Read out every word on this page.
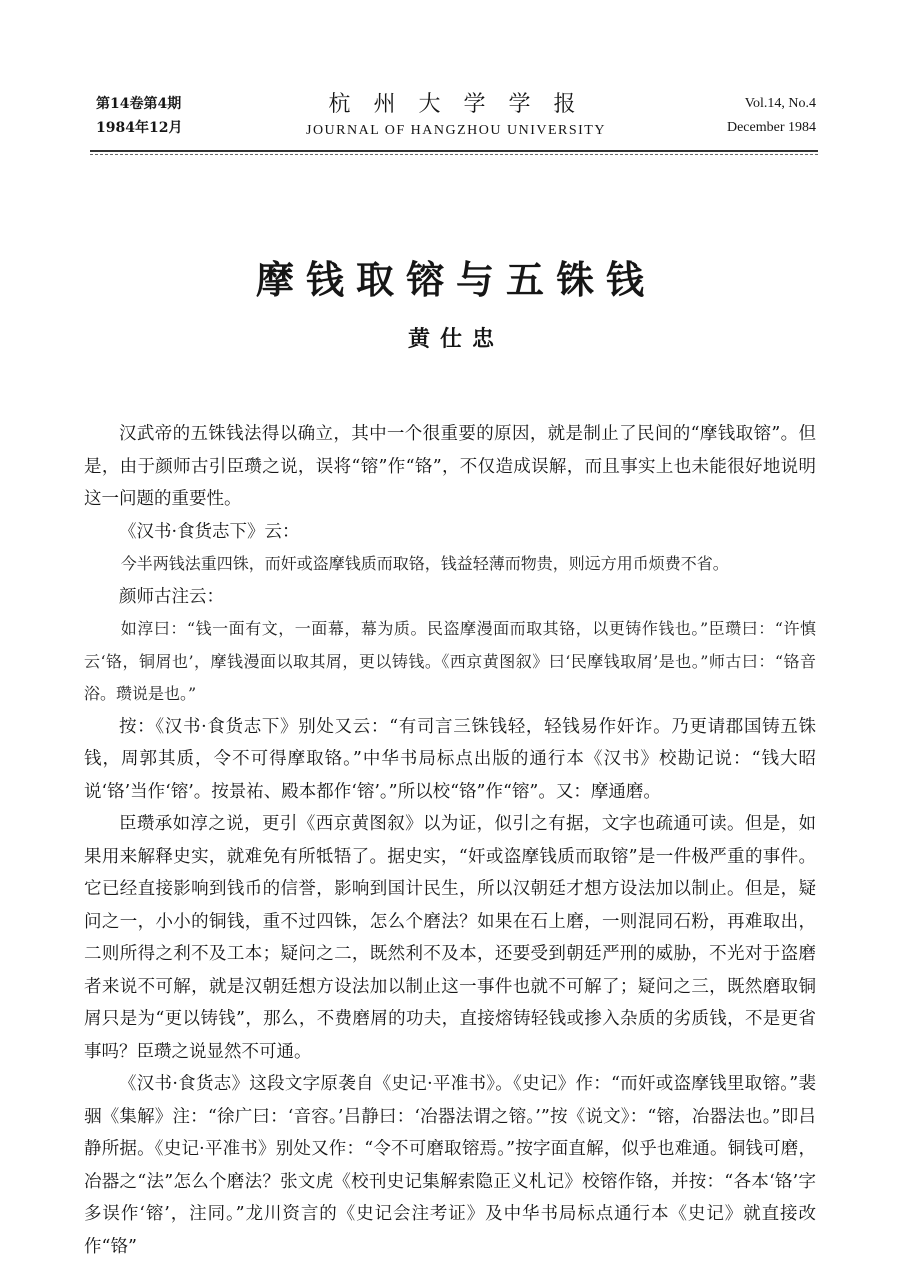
第14卷第4期
1984年12月
杭 州 大 学 学 报
JOURNAL OF HANGZHOU UNIVERSITY
Vol.14, No.4
December 1984
摩钱取镕与五铢钱
黄仕忠

汉武帝的五铢钱法得以确立，其中一个很重要的原因，就是制止了民间的“摩钱取镕”。但是，由于颜师古引臣瓒之说，误将“镕”作“铬”，不仅造成误解，而且事实上也未能很好地说明这一问题的重要性。

《汉书·食货志下》云：

今半两钱法重四铢，而奸或盗摩钱质而取铬，钱益轻薄而物贵，则远方用币烦费不省。

颜师古注云：

如淳曰：“钱一面有文，一面幕，幕为质。民盗摩漫面而取其铬，以更铸作钱也。”臣瓒曰：“许慎云‘铬，铜屑也’，摩钱漫面以取其屑，更以铸钱。《西京黄图叙》曰‘民摩钱取屑’是也。”师古曰：“铬音浴。瓒说是也。”

按：《汉书·食货志下》别处又云：“有司言三铢钱轻，轻钱易作奸诈。乃更请郡国铸五铢钱，周郭其质，令不可得摩取铬。”中华书局标点出版的通行本《汉书》校勘记说：“钱大昭说‘铬’当作‘镕’。按景祐、殿本都作‘镕’。”所以校“铬”作“镕”。又：摩通磨。

臣瓒承如淳之说，更引《西京黄图叙》以为证，似引之有据，文字也疏通可读。但是，如果用来解释史实，就难免有所牴牾了。据史实，“奸或盗摩钱质而取镕”是一件极严重的事件。它已经直接影响到钱币的信誉，影响到国计民生，所以汉朝廷才想方设法加以制止。但是，疑问之一，小小的铜钱，重不过四铢，怎么个磨法？如果在石上磨，一则混同石粉，再难取出，二则所得之利不及工本；疑问之二，既然利不及本，还要受到朝廷严刑的威胁，不光对于盗磨者来说不可解，就是汉朝廷想方设法加以制止这一事件也就不可解了；疑问之三，既然磨取铜屑只是为“更以铸钱”，那么，不费磨屑的功夫，直接熔铸轻钱或掺入杂质的劣质钱，不是更省事吗？臣瓒之说显然不可通。

《汉书·食货志》这段文字原袭自《史记·平准书》。《史记》作：“而奸或盗摩钱里取镕。”裴骃《集解》注：“徐广曰：‘音容。’吕静曰：‘冶器法谓之镕。’”按《说文》：“镕，冶器法也。”即吕静所据。《史记·平准书》别处又作：“令不可磨取镕焉。”按字面直解，似乎也难通。铜钱可磨，冶器之“法”怎么个磨法？张文虎《校刊史记集解索隐正义札记》校镕作铬，并按：“各本‘铬’字多误作‘镕’，注同。”龙川资言的《史记会注考证》及中华书局标点通行本《史记》就直接改作“铬”
